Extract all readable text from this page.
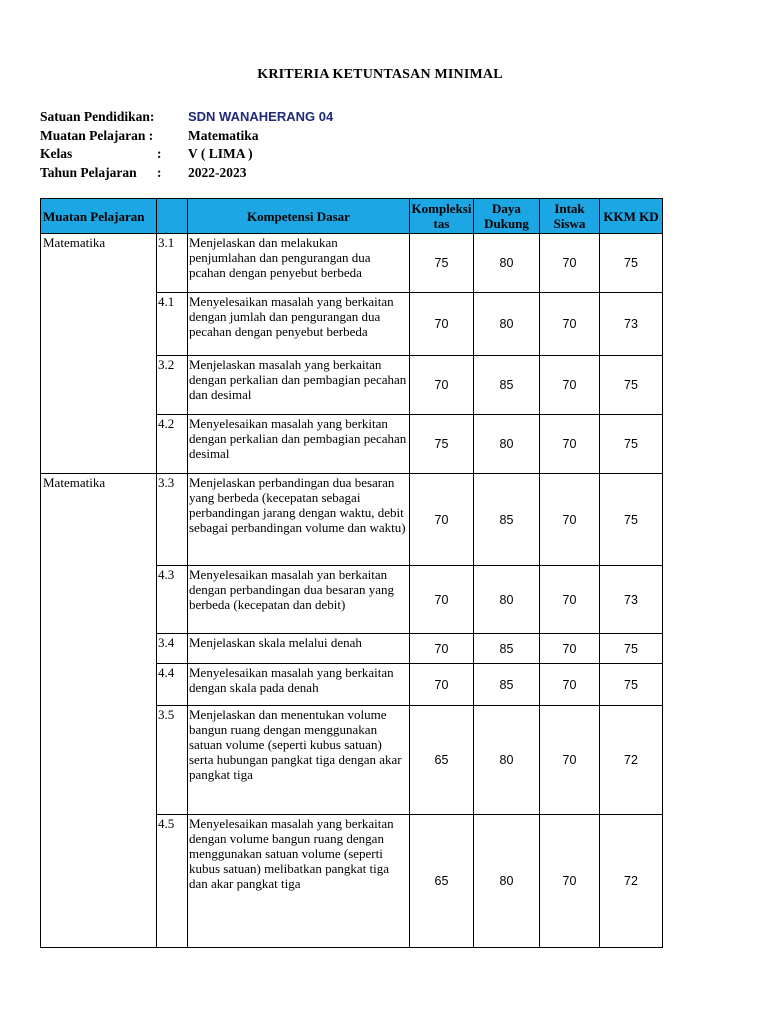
KRITERIA KETUNTASAN MINIMAL
Satuan Pendidikan:	SDN WANAHERANG 04
Muatan Pelajaran :	Matematika
Kelas	: V ( LIMA )
Tahun Pelajaran	: 2022-2023
Muatan Pelajaran		Kompetensi Dasar	Kompleksi tas	Daya Dukung	Intak Siswa	KKM KD
Matematika	3.1	Menjelaskan dan melakukan penjumlahan dan pengurangan dua pcahan dengan penyebut berbeda	75	80	70	75
	4.1	Menyelesaikan masalah yang berkaitan dengan jumlah dan pengurangan dua pecahan dengan penyebut berbeda	70	80	70	73
	3.2	Menjelaskan masalah yang berkaitan dengan perkalian dan pembagian pecahan dan desimal	70	85	70	75
	4.2	Menyelesaikan masalah yang berkitan dengan perkalian dan pembagian pecahan desimal	75	80	70	75
Matematika	3.3	Menjelaskan perbandingan dua besaran yang berbeda (kecepatan sebagai perbandingan jarang dengan waktu, debit sebagai perbandingan volume dan waktu)	70	85	70	75
	4.3	Menyelesaikan masalah yan berkaitan dengan perbandingan dua besaran yang berbeda (kecepatan dan debit)	70	80	70	73
	3.4	Menjelaskan skala melalui denah	70	85	70	75
	4.4	Menyelesaikan masalah yang berkaitan dengan skala pada denah	70	85	70	75
	3.5	Menjelaskan dan menentukan volume bangun ruang dengan menggunakan satuan volume (seperti kubus satuan) serta hubungan pangkat tiga dengan akar pangkat tiga	65	80	70	72
	4.5	Menyelesaikan masalah yang berkaitan dengan volume bangun ruang dengan menggunakan satuan volume (seperti kubus satuan) melibatkan pangkat tiga dan akar pangkat tiga	65	80	70	72
